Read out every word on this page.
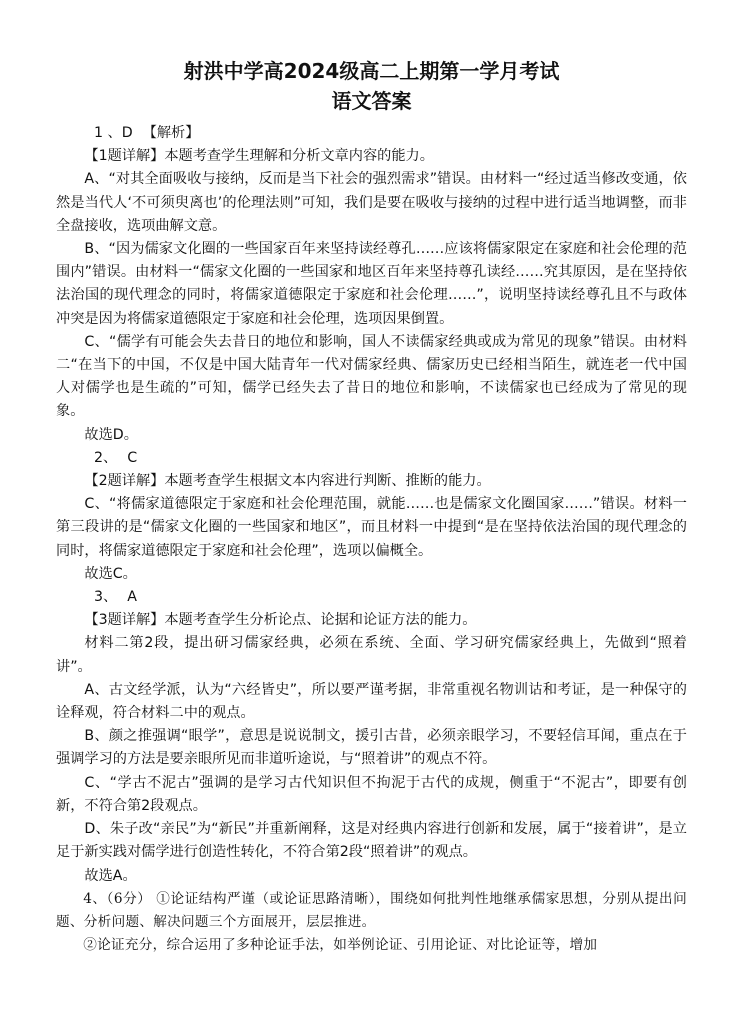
射洪中学高2024级高二上期第一学月考试
语文答案

1 、D 【解析】

【1题详解】本题考查学生理解和分析文章内容的能力。

A、“对其全面吸收与接纳，反而是当下社会的强烈需求”错误。由材料一“经过适当修改变通，依然是当代人‘不可须臾离也’的伦理法则”可知，我们是要在吸收与接纳的过程中进行适当地调整，而非全盘接收，选项曲解文意。

B、“因为儒家文化圈的一些国家百年来坚持读经尊孔……应该将儒家限定在家庭和社会伦理的范围内”错误。由材料一“儒家文化圈的一些国家和地区百年来坚持尊孔读经……究其原因，是在坚持依法治国的现代理念的同时，将儒家道德限定于家庭和社会伦理……”，说明坚持读经尊孔且不与政体冲突是因为将儒家道德限定于家庭和社会伦理，选项因果倒置。

C、“儒学有可能会失去昔日的地位和影响，国人不读儒家经典或成为常见的现象”错误。由材料二“在当下的中国，不仅是中国大陆青年一代对儒家经典、儒家历史已经相当陌生，就连老一代中国人对儒学也是生疏的”可知，儒学已经失去了昔日的地位和影响，不读儒家也已经成为了常见的现象。

故选D。

2、 C

【2题详解】本题考查学生根据文本内容进行判断、推断的能力。

C、“将儒家道德限定于家庭和社会伦理范围，就能……也是儒家文化圈国家……”错误。材料一第三段讲的是“儒家文化圈的一些国家和地区”，而且材料一中提到“是在坚持依法治国的现代理念的同时，将儒家道德限定于家庭和社会伦理”，选项以偏概全。

故选C。

3、 A

【3题详解】本题考查学生分析论点、论据和论证方法的能力。

材料二第2段，提出研习儒家经典，必须在系统、全面、学习研究儒家经典上，先做到“照着讲”。

A、古文经学派，认为“六经皆史”，所以要严谨考据，非常重视名物训诂和考证，是一种保守的诠释观，符合材料二中的观点。

B、颜之推强调“眼学”，意思是说说制文，援引古昔，必须亲眼学习，不要轻信耳闻，重点在于强调学习的方法是要亲眼所见而非道听途说，与“照着讲”的观点不符。

C、“学古不泥古”强调的是学习古代知识但不拘泥于古代的成规，侧重于“不泥古”，即要有创新，不符合第2段观点。

D、朱子改“亲民”为“新民”并重新阐释，这是对经典内容进行创新和发展，属于“接着讲”，是立足于新实践对儒学进行创造性转化，不符合第2段“照着讲”的观点。

故选A。

4、（6分） ①论证结构严谨（或论证思路清晰），围绕如何批判性地继承儒家思想，分别从提出问题、分析问题、解决问题三个方面展开，层层推进。

②论证充分，综合运用了多种论证手法，如举例论证、引用论证、对比论证等，增加
